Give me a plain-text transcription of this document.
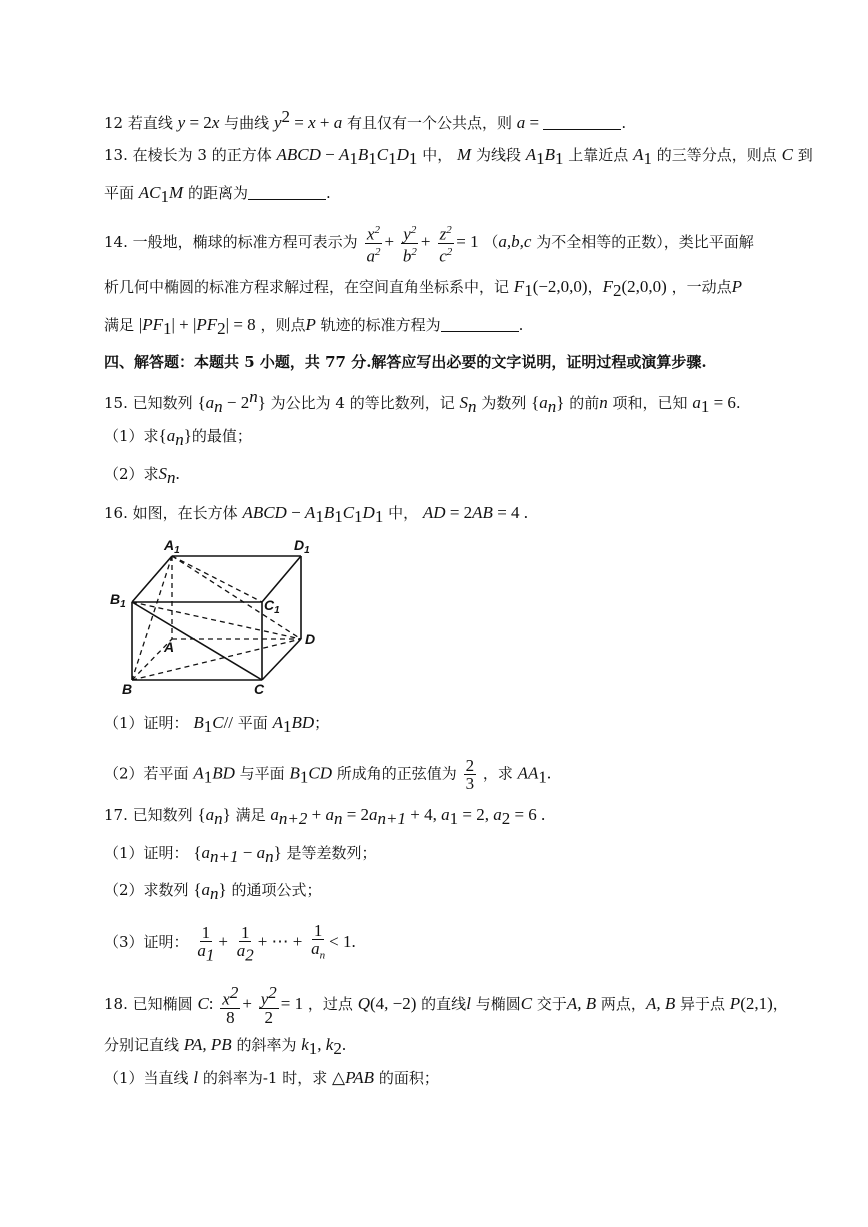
12 若直线 y = 2x 与曲线 $y^2 = x + a$ 有且仅有一个公共点，则 a =	.
13. 在棱长为 3 的正方体 ABCD − $A_1B_1C_1D_1$ 中， M 为线段 $A_1B_1$ 上靠近点 $A_1$ 的三等分点，则点 C 到
平面 $AC_1M$ 的距离为	.
14. 一般地，椭球的标准方程可表示为 $\frac{x^2}{a^2} + \frac{y^2}{b^2} + \frac{z^2}{c^2} = 1$ （a,b,c 为不全相等的正数），类比平面解
析几何中椭圆的标准方程求解过程，在空间直角坐标系中，记 $F_1(-2,0,0)$，$F_2(2,0,0)$ ，一动点P
满足 $|PF_1| + |PF_2| = 8$ ，则点P 轨迹的标准方程为	.
四、解答题：本题共 5 小题，共 77 分.解答应写出必要的文字说明，证明过程或演算步骤.
15. 已知数列 $\{a_n - 2^n\}$ 为公比为 4 的等比数列，记 $S_n$ 为数列 $\{a_n\}$ 的前n 项和，已知 $a_1 = 6$.
（1）求$\{a_n\}$的最值；
（2）求$S_n$.
16. 如图，在长方体 ABCD − $A_1B_1C_1D_1$ 中， AD = 2AB = 4 .
$A_1$	$D_1$
$B_1$	$C_1$
A	D
B	C
（1）证明： $B_1C//$ 平面 $A_1BD$；
（2）若平面 $A_1BD$ 与平面 $B_1CD$ 所成角的正弦值为 $\frac{2}{3}$ ，求 $AA_1$.
17. 已知数列 $\{a_n\}$ 满足 $a_{n+2} + a_n = 2a_{n+1} + 4$, $a_1 = 2$, $a_2 = 6$ .
（1）证明： $\{a_{n+1} - a_n\}$ 是等差数列；
（2）求数列 $\{a_n\}$ 的通项公式；
（3）证明： $\frac{1}{a_1} + \frac{1}{a_2}$ + ⋯ + $\frac{1}{a_n} < 1$.
18. 已知椭圆 C: $\frac{x^2}{8} + \frac{y^2}{2} = 1$ ，过点 Q(4, −2) 的直线l 与椭圆C 交于A, B 两点，A, B 异于点 P(2,1)，
分别记直线 PA, PB 的斜率为 $k_1$, $k_2$.
（1）当直线 l 的斜率为-1 时，求 △PAB 的面积；
